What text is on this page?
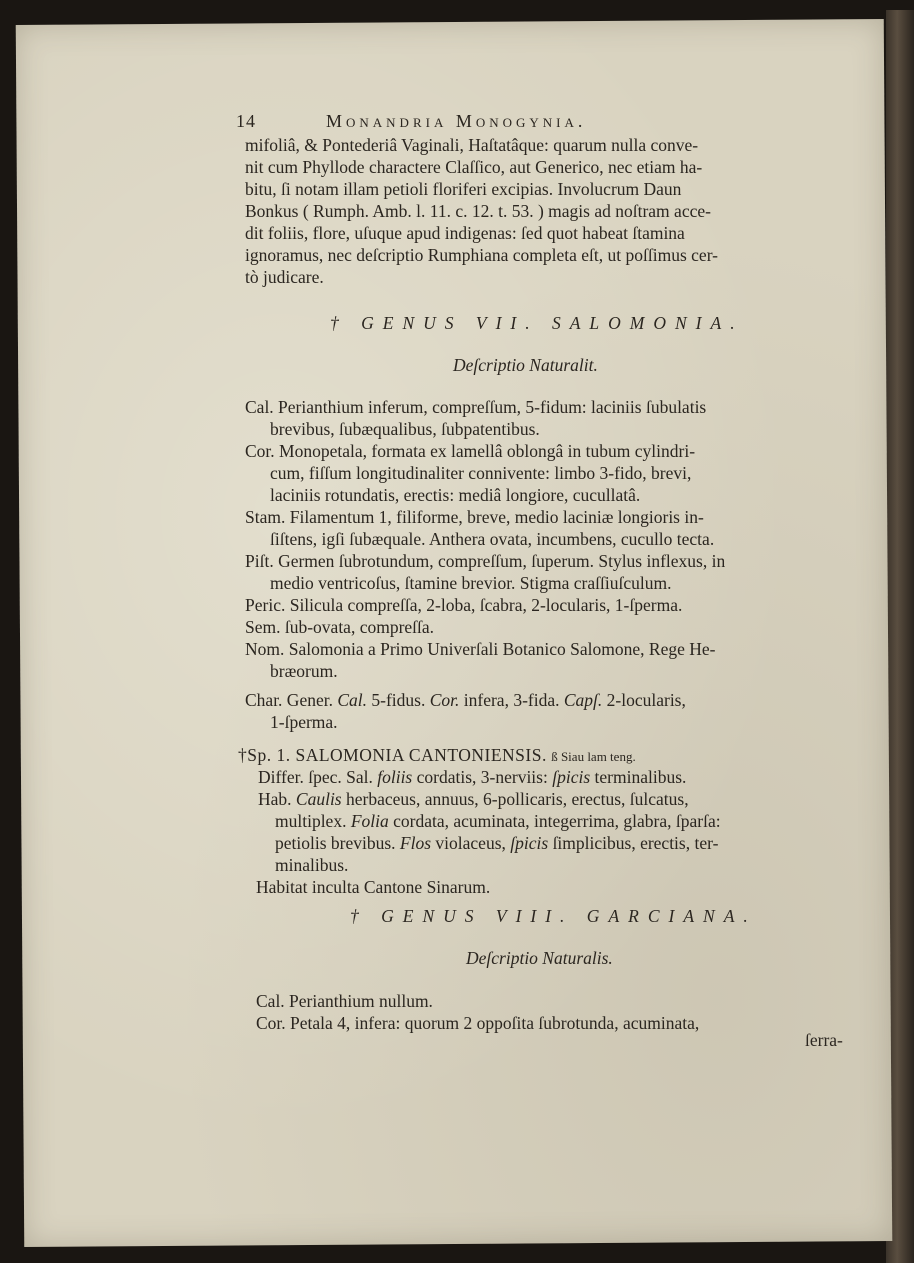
14	Monandria Monogynia.
mifoliâ, & Pontederiâ Vaginali, Haſtatâque: quarum nulla conve-
nit cum Phyllode charactere Claſſico, aut Generico, nec etiam ha-
bitu, ſi notam illam petioli floriferi excipias. Involucrum Daun
Bonkus ( Rumph. Amb. l. 11. c. 12. t. 53. ) magis ad noſtram acce-
dit foliis, flore, uſuque apud indigenas: ſed quot habeat ſtamina
ignoramus, nec deſcriptio Rumphiana completa eſt, ut poſſimus cer-
tò judicare.
† GENUS VII. SALOMONIA.
Deſcriptio Naturalit.
Cal. Perianthium inferum, compreſſum, 5-fidum: laciniis ſubulatis
brevibus, ſubæqualibus, ſubpatentibus.
Cor. Monopetala, formata ex lamellâ oblongâ in tubum cylindri-
cum, fiſſum longitudinaliter connivente: limbo 3-fido, brevi,
laciniis rotundatis, erectis: mediâ longiore, cucullatâ.
Stam. Filamentum 1, filiforme, breve, medio laciniæ longioris in-
ſiſtens, igſi ſubæquale. Anthera ovata, incumbens, cucullo tecta.
Piſt. Germen ſubrotundum, compreſſum, ſuperum. Stylus inflexus, in
medio ventricoſus, ſtamine brevior. Stigma craſſiuſculum.
Peric. Silicula compreſſa, 2-loba, ſcabra, 2-locularis, 1-ſperma.
Sem. ſub-ovata, compreſſa.
Nom. Salomonia a Primo Univerſali Botanico Salomone, Rege He-
bræorum.
Char. Gener. Cal. 5-fidus. Cor. infera, 3-fida. Capſ. 2-locularis,
1-ſperma.
†Sp. 1. SALOMONIA CANTONIENSIS. ß Siau lam teng.
Differ. ſpec. Sal. foliis cordatis, 3-nerviis: ſpicis terminalibus.
Hab. Caulis herbaceus, annuus, 6-pollicaris, erectus, ſulcatus,
multiplex. Folia cordata, acuminata, integerrima, glabra, ſparſa:
petiolis brevibus. Flos violaceus, ſpicis ſimplicibus, erectis, ter-
minalibus.
Habitat inculta Cantone Sinarum.
† GENUS VIII. GARCIANA.
Deſcriptio Naturalis.
Cal. Perianthium nullum.
Cor. Petala 4, infera: quorum 2 oppoſita ſubrotunda, acuminata,
ſerra-
